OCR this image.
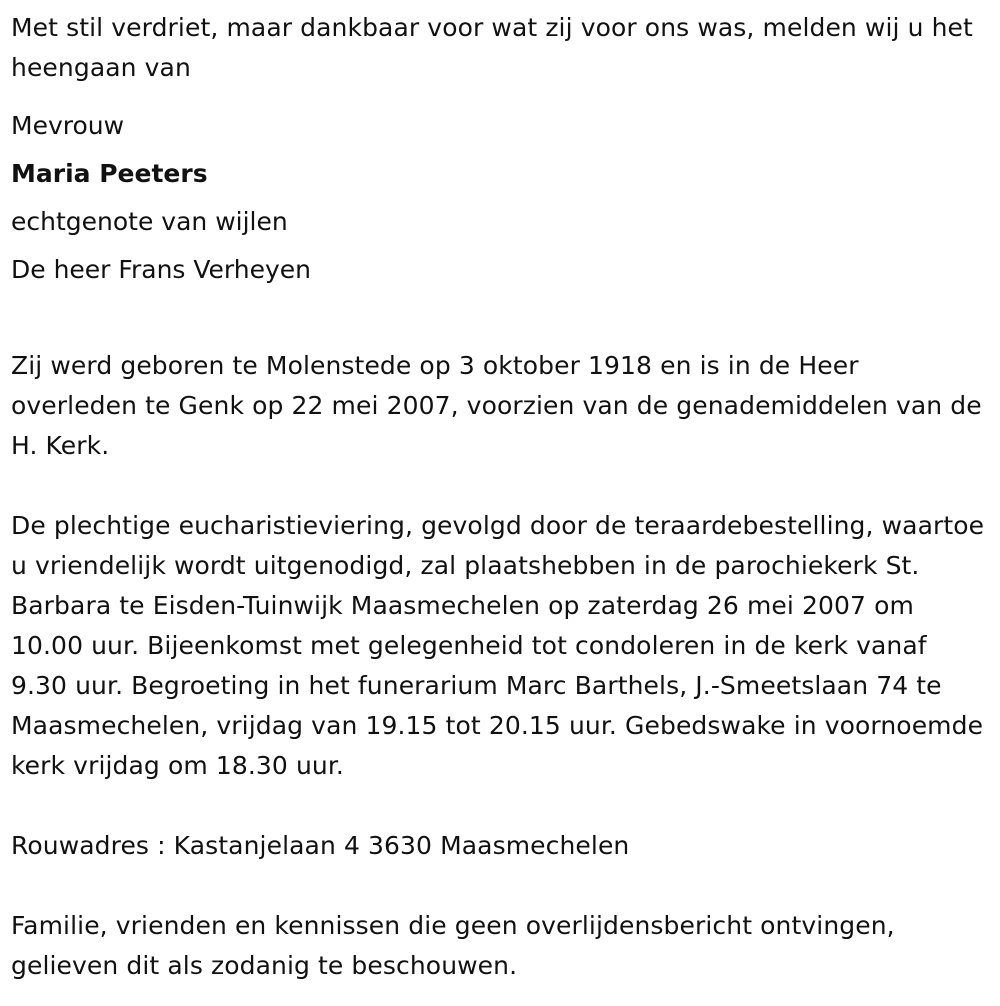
Met stil verdriet, maar dankbaar voor wat zij voor ons was, melden wij u het heengaan van

Mevrouw
Maria Peeters
echtgenote van wijlen
De heer Frans Verheyen

Zij werd geboren te Molenstede op 3 oktober 1918 en is in de Heer overleden te Genk op 22 mei 2007, voorzien van de genademiddelen van de H. Kerk.

De plechtige eucharistieviering, gevolgd door de teraardebestelling, waartoe u vriendelijk wordt uitgenodigd, zal plaatshebben in de parochiekerk St. Barbara te Eisden-Tuinwijk Maasmechelen op zaterdag 26 mei 2007 om 10.00 uur. Bijeenkomst met gelegenheid tot condoleren in de kerk vanaf 9.30 uur. Begroeting in het funerarium Marc Barthels, J.-Smeetslaan 74 te Maasmechelen, vrijdag van 19.15 tot 20.15 uur. Gebedswake in voornoemde kerk vrijdag om 18.30 uur.

Rouwadres : Kastanjelaan 4 3630 Maasmechelen

Familie, vrienden en kennissen die geen overlijdensbericht ontvingen, gelieven dit als zodanig te beschouwen.
